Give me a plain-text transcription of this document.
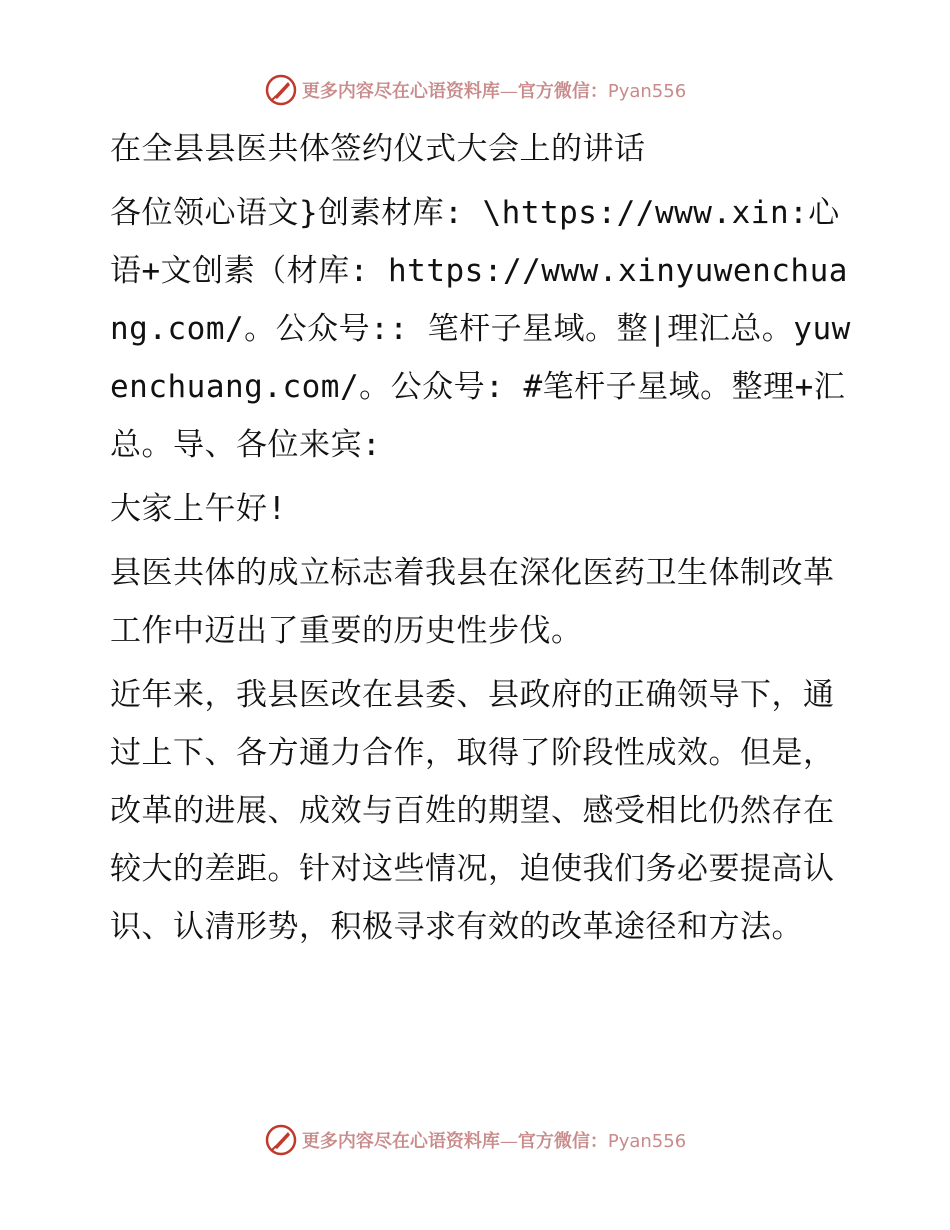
更多内容尽在心语资料库—官方微信：Pyan556

在全县县医共体签约仪式大会上的讲话

各位领心语文}创素材库: \https://www.xin:心语+文创素（材库: https://www.xinyuwenchuang.com/。公众号:: 笔杆子星域。整|理汇总。yuwenchuang.com/。公众号: #笔杆子星域。整理+汇总。导、各位来宾:

大家上午好!

县医共体的成立标志着我县在深化医药卫生体制改革工作中迈出了重要的历史性步伐。

近年来，我县医改在县委、县政府的正确领导下，通过上下、各方通力合作，取得了阶段性成效。但是，改革的进展、成效与百姓的期望、感受相比仍然存在较大的差距。针对这些情况，迫使我们务必要提高认识、认清形势，积极寻求有效的改革途径和方法。

更多内容尽在心语资料库—官方微信：Pyan556
